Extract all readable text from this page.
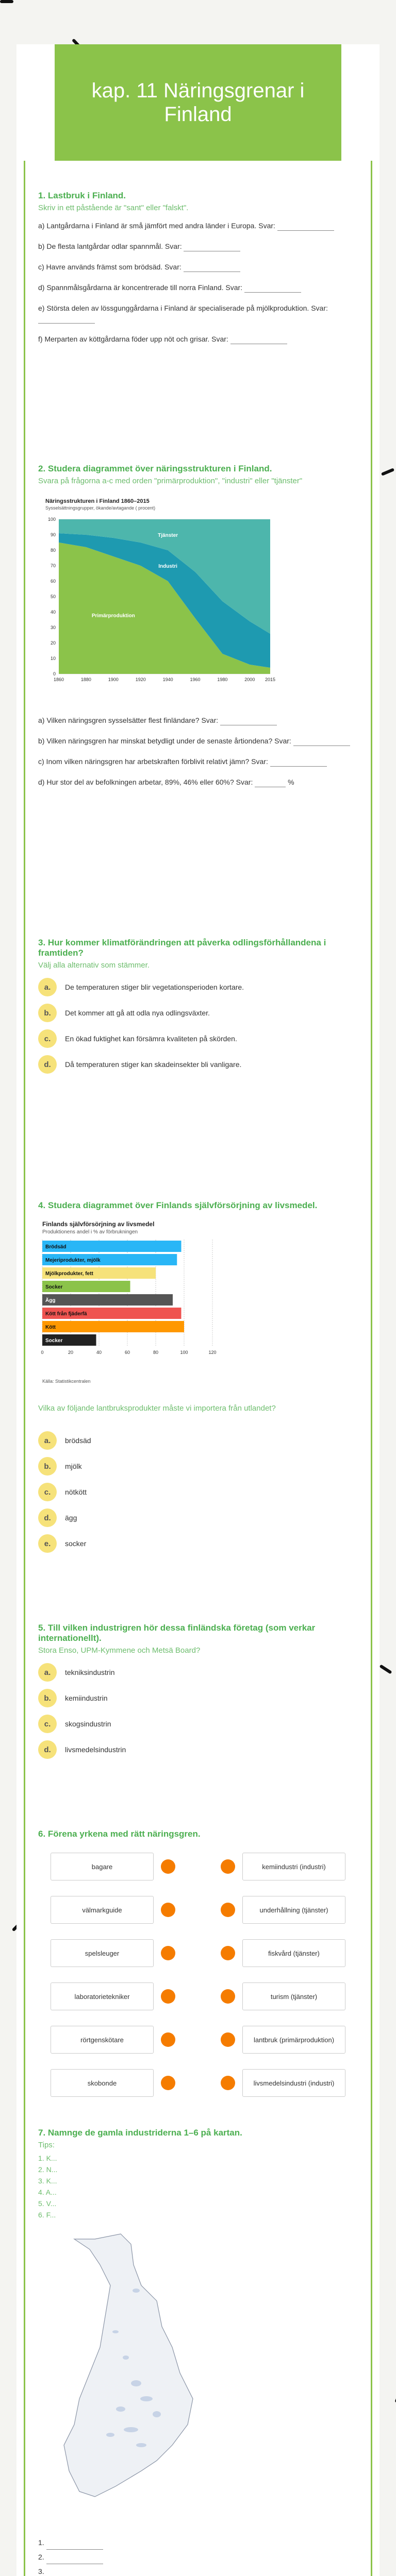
kap. 11 Näringsgrenar i Finland
1. Lastbruk i Finland.
Skriv in ett påstående är "sant" eller "falskt".
a) Lantgårdarna i Finland är små jämfört med andra länder i Europa. Svar:
b) De flesta lantgårdar odlar spannmål. Svar:
c) Havre används främst som brödsäd. Svar:
d) Spannmålsgårdarna är koncentrerade till norra Finland. Svar:
e) Största delen av lössgunggårdarna i Finland är specialiserade på mjölkproduktion. Svar:
f) Merparten av köttgårdarna föder upp nöt och grisar. Svar:
2. Studera diagrammet över näringsstrukturen i Finland.
Svara på frågorna a-c med orden "primärproduktion", "industri" eller "tjänster"
Näringsstrukturen i Finland 1860–2015
Sysselsättningsgrupper, ökande/avtagande ( procent)
0
10
20
30
40
50
60
70
80
90
100
Primärproduktion
Industri
Tjänster
1860	1880	1900	1920	1940	1960	1980	2000 2015
a) Vilken näringsgren sysselsätter flest finländare? Svar:
b) Vilken näringsgren har minskat betydligt under de senaste årtiondena? Svar:
c) Inom vilken näringsgren har arbetskraften förblivit relativt jämn? Svar:
d) Hur stor del av befolkningen arbetar, 89%, 46% eller 60%? Svar:	%
3. Hur kommer klimatförändringen att påverka odlingsförhållandena i framtiden?
Välj alla alternativ som stämmer.
a.	De temperaturen stiger blir vegetationsperioden kortare.
b.	Det kommer att gå att odla nya odlingsväxter.
c.	En ökad fuktighet kan försämra kvaliteten på skörden.
d.	Då temperaturen stiger kan skadeinsekter bli vanligare.
4. Studera diagrammet över Finlands självförsörjning av livsmedel.
Finlands självförsörjning av livsmedel
Produktionens andel i % av förbrukningen
0	20	40	60	80	100	120
Brödsäd
Mejeriprodukter, mjölk
Mjölkprodukter, fett
Socker
Ägg
Kött från fjäderfä
Kött
Socker
Källa: Statistikcentralen
Vilka av följande lantbruksprodukter måste vi importera från utlandet?
a.	brödsäd
b.	mjölk
c.	nötkött
d.	ägg
e.	socker
5. Till vilken industrigren hör dessa finländska företag (som verkar internationellt).
Stora Enso, UPM-Kymmene och Metsä Board?
a.	tekniksindustrin
b.	kemiindustrin
c.	skogsindustrin
d.	livsmedelsindustrin
6. Förena yrkena med rätt näringsgren.
bagare	kemiindustri (industri)
välmarkguide	underhållning (tjänster)
spelsleuger	fiskvård (tjänster)
laboratorietekniker	turism (tjänster)
rörtgenskötare	lantbruk (primärproduktion)
skobonde	livsmedelsindustri (industri)
7. Namnge de gamla industriderna 1–6 på kartan.
Tips:
1. K...
2. N...
3. K...
4. A...
5. V...
6. F...
1.
2.
3.
